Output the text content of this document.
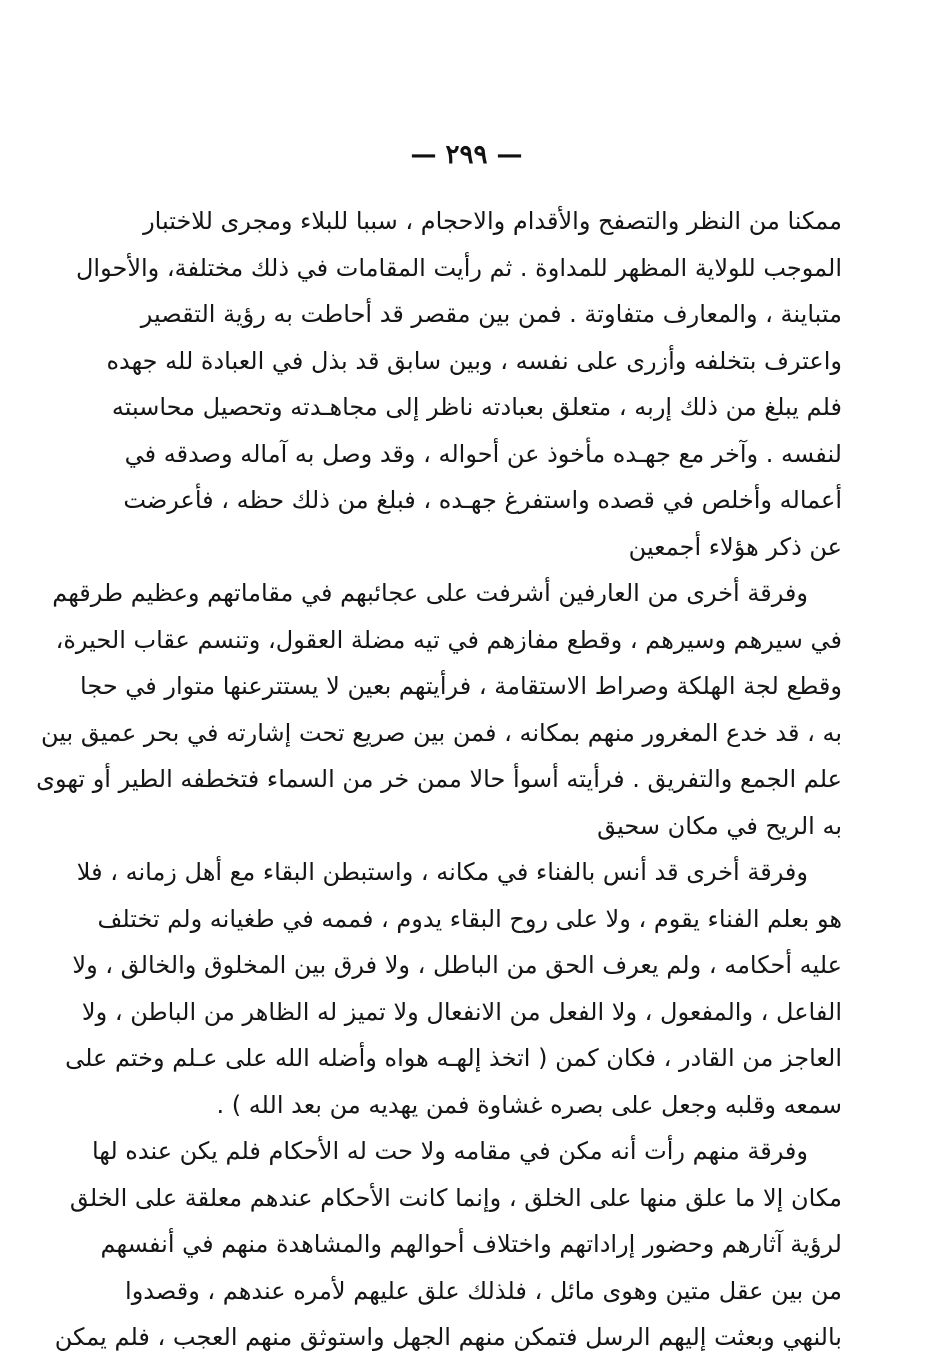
— ٢٩٩ —
ممكنا من النظر والتصفح والأقدام والاحجام ، سببا للبلاء ومجرى للاختبار
الموجب للولاية المظهر للمداوة . ثم رأيت المقامات في ذلك مختلفة، والأحوال
متباينة ، والمعارف متفاوتة . فمن بين مقصر قد أحاطت به رؤية التقصير
واعترف بتخلفه وأزرى على نفسه ، وبين سابق قد بذل في العبادة لله جهده
فلم يبلغ من ذلك إربه ، متعلق بعبادته ناظر إلى مجاهـدته وتحصيل محاسبته
لنفسه . وآخر مع جهـده مأخوذ عن أحواله ، وقد وصل به آماله وصدقه في
أعماله وأخلص في قصده واستفرغ جهـده ، فبلغ من ذلك حظه ، فأعرضت
عن ذكر هؤلاء أجمعين
وفرقة أخرى من العارفين أشرفت على عجائبهم في مقاماتهم وعظيم طرقهم
في سيرهم وسيرهم ، وقطع مفازهم في تيه مضلة العقول، وتنسم عقاب الحيرة،
وقطع لجة الهلكة وصراط الاستقامة ، فرأيتهم بعين لا يستترعنها متوار في حجا
به ، قد خدع المغرور منهم بمكانه ، فمن بين صريع تحت إشارته في بحر عميق بين
علم الجمع والتفريق . فرأيته أسوأ حالا ممن خر من السماء فتخطفه الطير أو تهوى
به الريح في مكان سحيق
وفرقة أخرى قد أنس بالفناء في مكانه ، واستبطن البقاء مع أهل زمانه ، فلا
هو بعلم الفناء يقوم ، ولا على روح البقاء يدوم ، فممه في طغيانه ولم تختلف
عليه أحكامه ، ولم يعرف الحق من الباطل ، ولا فرق بين المخلوق والخالق ، ولا
الفاعل ، والمفعول ، ولا الفعل من الانفعال ولا تميز له الظاهر من الباطن ، ولا
العاجز من القادر ، فكان كمن ( اتخذ إلهـه هواه وأضله الله على عـلم وختم على
سمعه وقلبه وجعل على بصره غشاوة فمن يهديه من بعد الله ) .
وفرقة منهم رأت أنه مكن في مقامه ولا حت له الأحكام فلم يكن عنده لها
مكان إلا ما علق منها على الخلق ، وإنما كانت الأحكام عندهم معلقة على الخلق
لرؤية آثارهم وحضور إراداتهم واختلاف أحوالهم والمشاهدة منهم في أنفسهم
من بين عقل متين وهوى مائل ، فلذلك علق عليهم لأمره عندهم ، وقصدوا
بالنهي وبعثت إليهم الرسل فتمكن منهم الجهل واستوثق منهم العجب ، فلم يمكن
